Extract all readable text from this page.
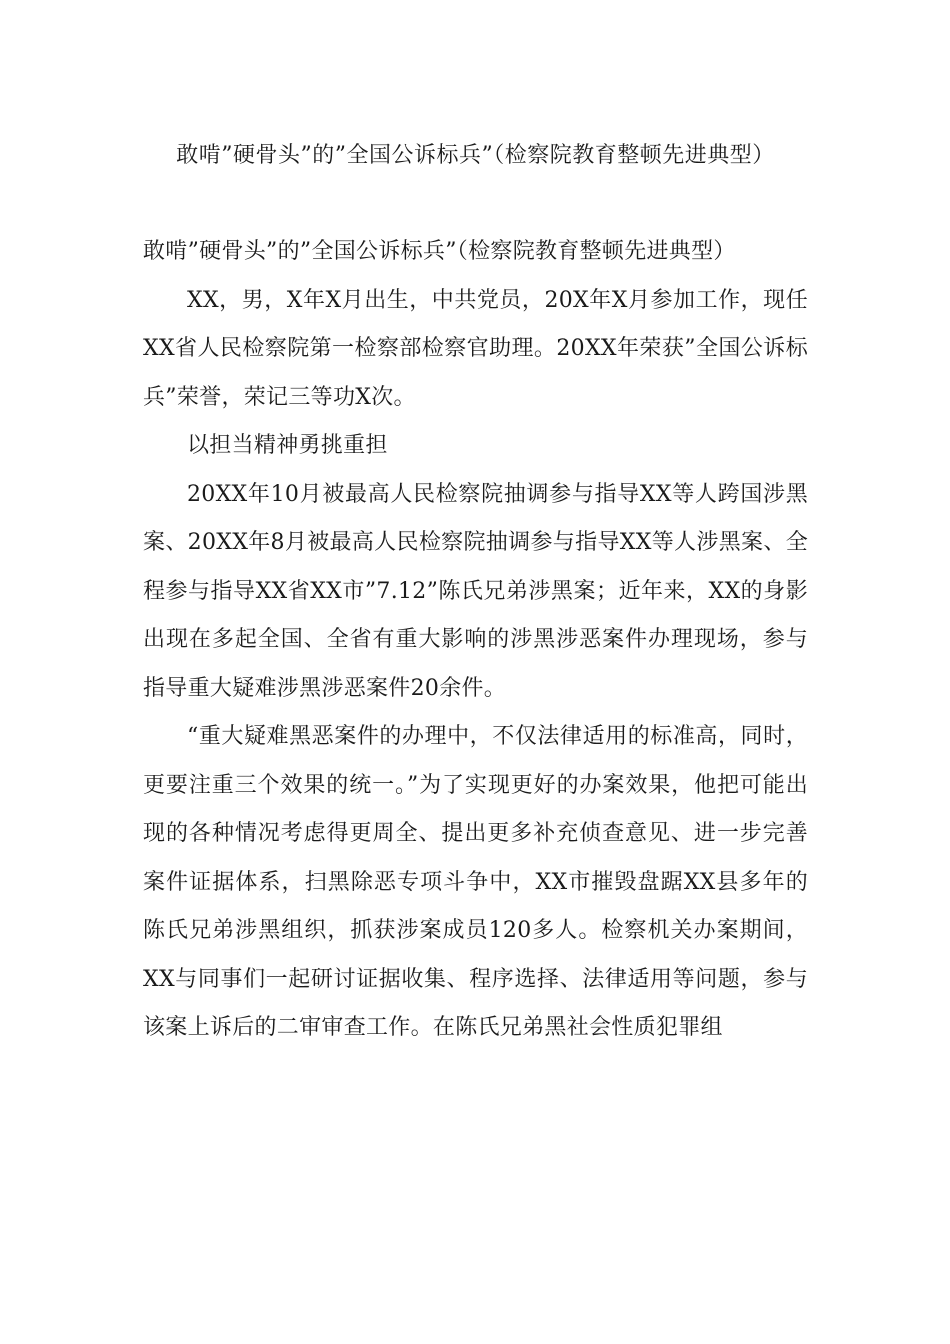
敢啃”硬骨头”的”全国公诉标兵”（检察院教育整顿先进典型）

敢啃”硬骨头”的”全国公诉标兵”（检察院教育整顿先进典型）

XX，男，X年X月出生，中共党员，20X年X月参加工作，现任XX省人民检察院第一检察部检察官助理。20XX年荣获”全国公诉标兵”荣誉，荣记三等功X次。

以担当精神勇挑重担

20XX年10月被最高人民检察院抽调参与指导XX等人跨国涉黑案、20XX年8月被最高人民检察院抽调参与指导XX等人涉黑案、全程参与指导XX省XX市”7.12”陈氏兄弟涉黑案；近年来，XX的身影出现在多起全国、全省有重大影响的涉黑涉恶案件办理现场，参与指导重大疑难涉黑涉恶案件20余件。

“重大疑难黑恶案件的办理中，不仅法律适用的标准高，同时，更要注重三个效果的统一。”为了实现更好的办案效果，他把可能出现的各种情况考虑得更周全、提出更多补充侦查意见、进一步完善案件证据体系，扫黑除恶专项斗争中，XX市摧毁盘踞XX县多年的陈氏兄弟涉黑组织，抓获涉案成员120多人。检察机关办案期间，XX与同事们一起研讨证据收集、程序选择、法律适用等问题，参与该案上诉后的二审审查工作。在陈氏兄弟黑社会性质犯罪组
